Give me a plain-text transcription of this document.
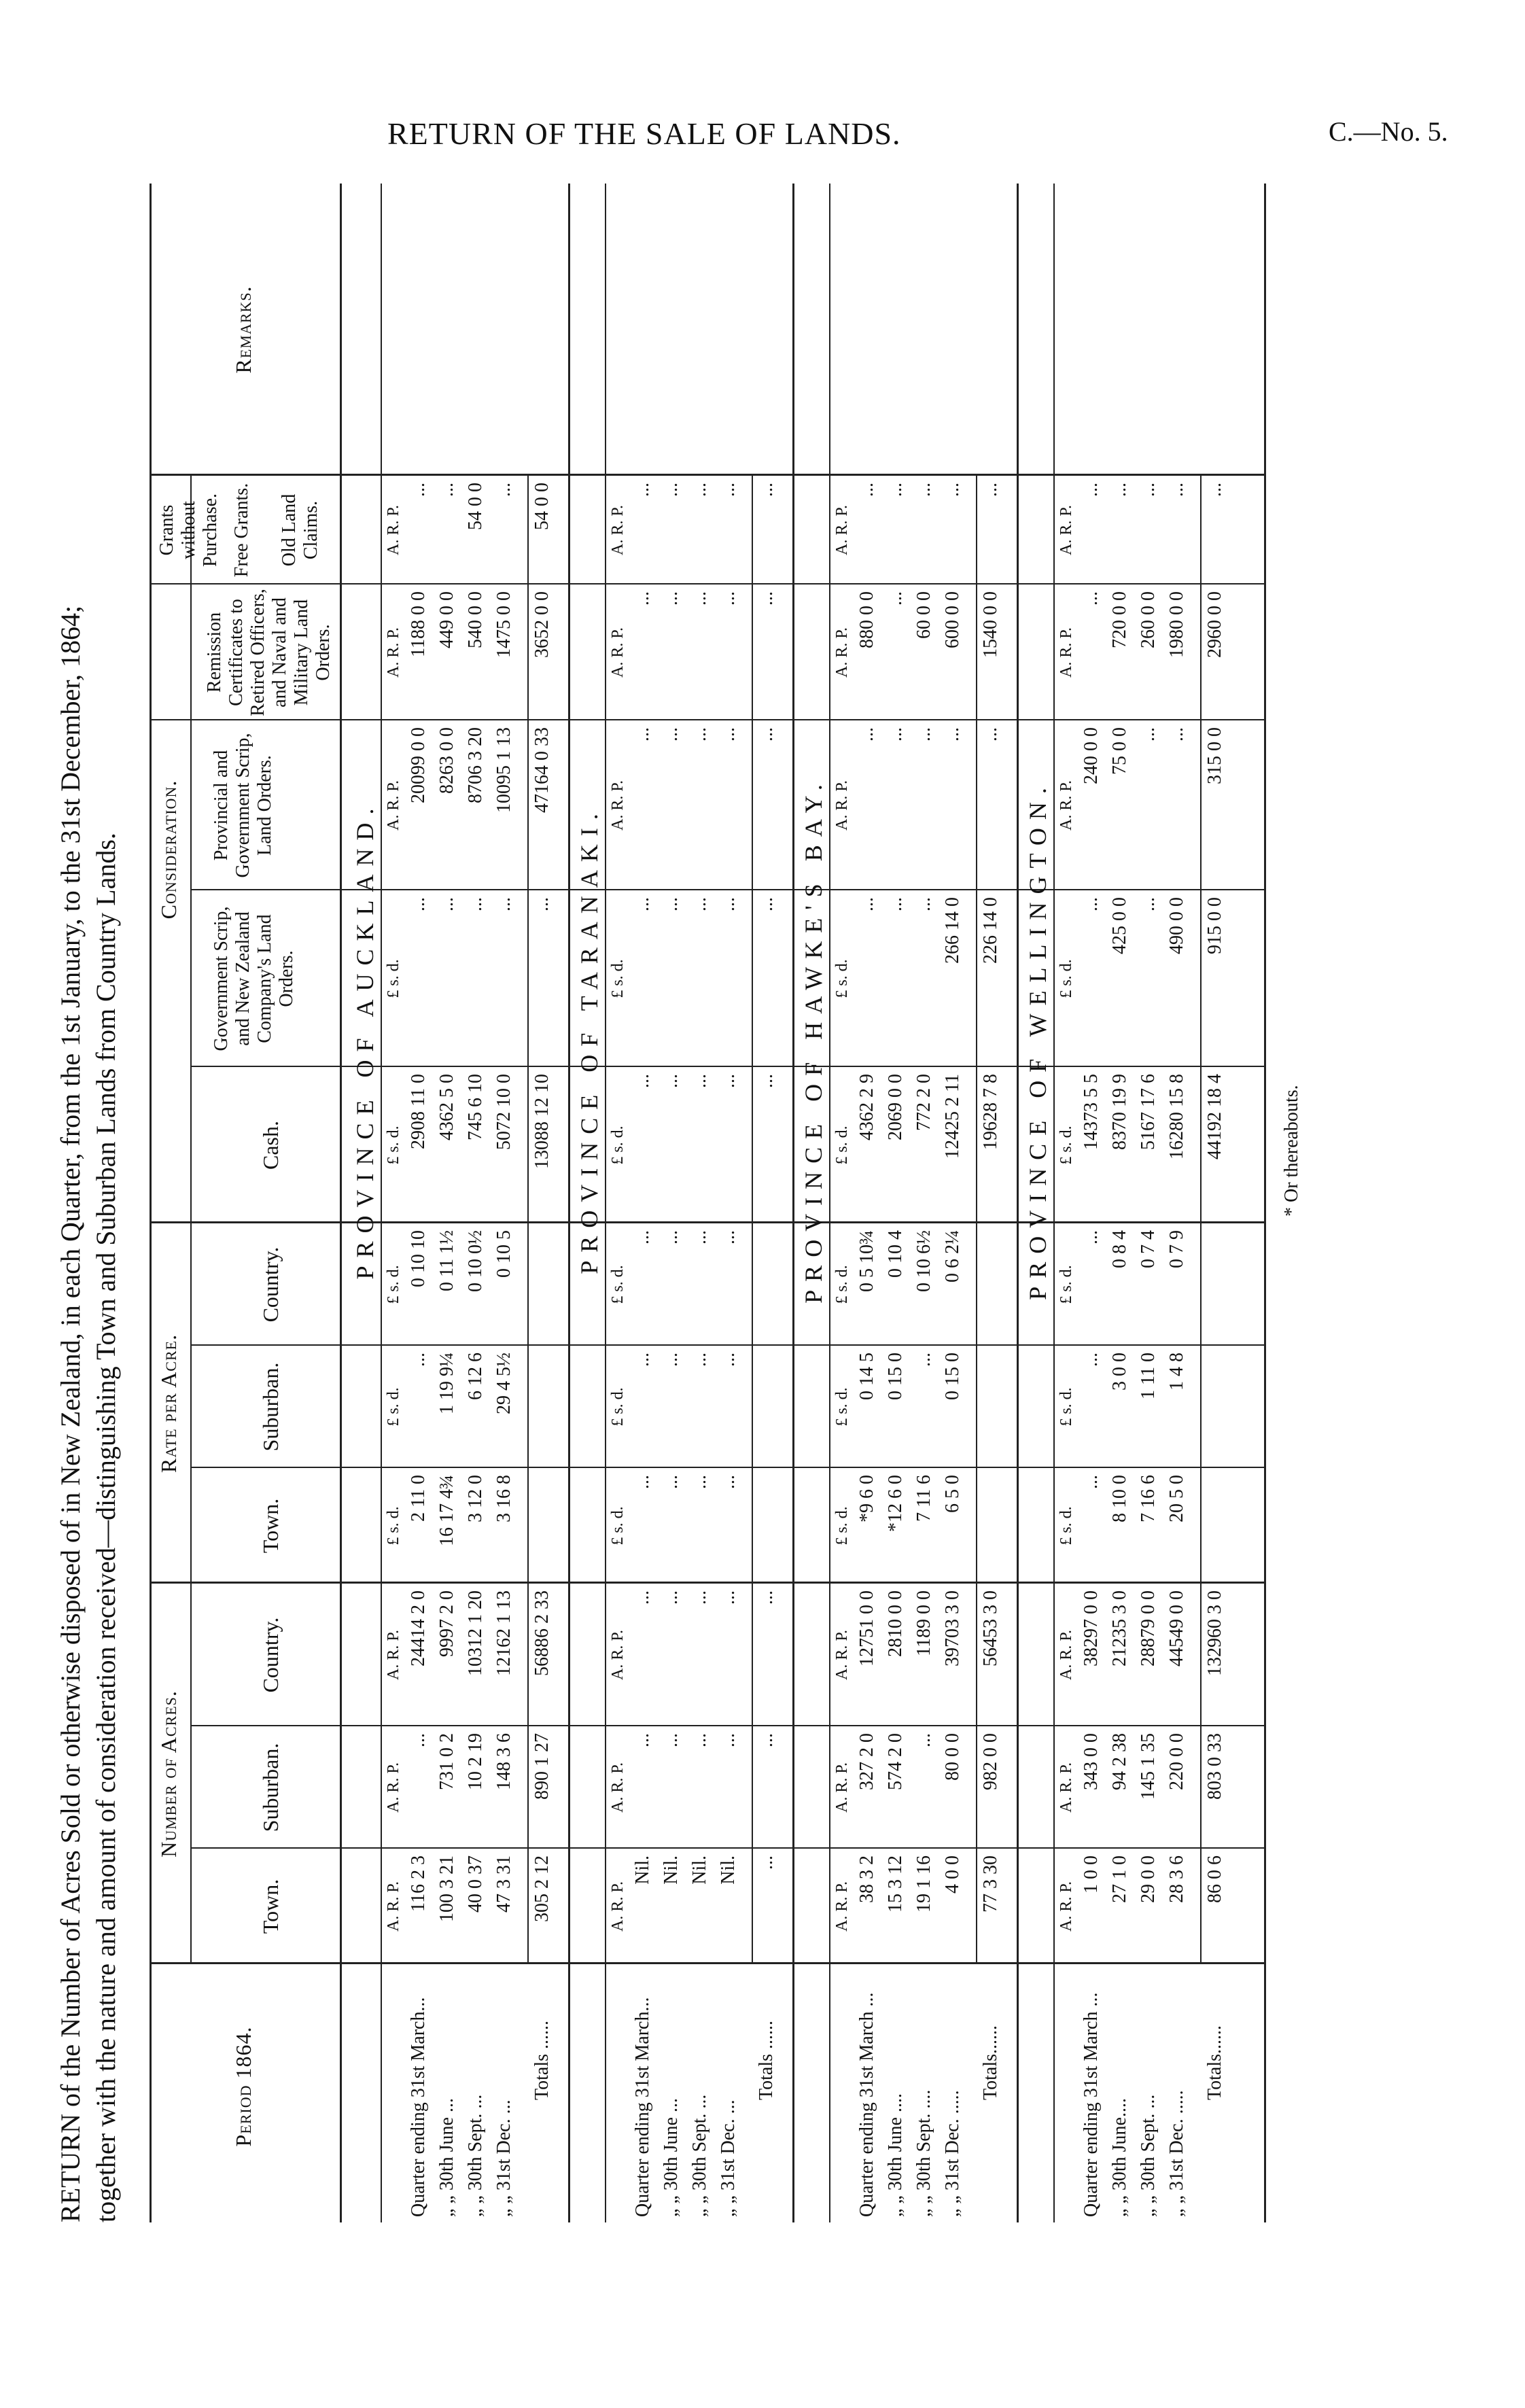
RETURN OF THE SALE OF LANDS.	C.—No. 5.
RETURN of the Number of Acres Sold or otherwise disposed of in New Zealand, in each Quarter, from the 1st January, to the 31st December, 1864; together with the nature and amount of consideration received—distinguishing Town and Suburban Lands from Country Lands.	Period 1864.
Number of Acres.
Town.
Suburban.
Country.
Rate per Acre.
Town.
Suburban.
Country.
Consideration.
Cash.
Government Scrip, and New Zealand Company's Land Orders.
Provincial and Government Scrip, Land Orders.
Remission Certificates to Retired Officers, and Naval and Military Land Orders.
Grants without Purchase. Free Grants. Old Land Claims.
Remarks.
PROVINCE OF AUCKLAND.
A. R. P.
A. R. P.
A. R. P.
£ s. d.
£ s. d.
£ s. d.
£ s. d.
£ s. d.
A. R. P.
A. R. P.
A. R. P.
Quarter ending 31st March...
116 2 3
...
24414 2 0
2 11 0
...
0 10 10
2908 11 0
...
20099 0 0
1188 0 0
...
„ „ 30th June ...
100 3 21
731 0 2
9997 2 0
16 17 4¾
1 19 9¼
0 11 1½
4362 5 0
...
8263 0 0
449 0 0
...
„ „ 30th Sept. ...
40 0 37
10 2 19
10312 1 20
3 12 0
6 12 6
0 10 0½
745 6 10
...
8706 3 20
540 0 0
54 0 0
„ „ 31st Dec. ...
47 3 31
148 3 6
12162 1 13
3 16 8
29 4 5½
0 10 5
5072 10 0
...
10095 1 13
1475 0 0
...
Totals ......
305 2 12
890 1 27
56886 2 33
13088 12 10
...
47164 0 33
3652 0 0
54 0 0
PROVINCE OF TARANAKI.
A. R. P.
A. R. P.
A. R. P.
£ s. d.
£ s. d.
£ s. d.
£ s. d.
£ s. d.
A. R. P.
A. R. P.
A. R. P.
Quarter ending 31st March...
Nil.
...
...
...
...
...
...
...
...
...
...
„ „ 30th June ...
Nil.
...
...
...
...
...
...
...
...
...
...
„ „ 30th Sept. ...
Nil.
...
...
...
...
...
...
...
...
...
...
„ „ 31st Dec. ...
Nil.
...
...
...
...
...
...
...
...
...
...
Totals ......
...
...
...
...
...
...
...
...
PROVINCE OF HAWKE'S BAY.
A. R. P.
A. R. P.
A. R. P.
£ s. d.
£ s. d.
£ s. d.
£ s. d.
£ s. d.
A. R. P.
A. R. P.
A. R. P.
Quarter ending 31st March ...
38 3 2
327 2 0
12751 0 0
*9 6 0
0 14 5
0 5 10¾
4362 2 9
...
...
880 0 0
...
„ „ 30th June ....
15 3 12
574 2 0
2810 0 0
*12 6 0
0 15 0
0 10 4
2069 0 0
...
...
...
...
„ „ 30th Sept. ....
19 1 16
...
1189 0 0
7 11 6
...
0 10 6½
772 2 0
...
...
60 0 0
...
„ „ 31st Dec. .....
4 0 0
80 0 0
39703 3 0
6 5 0
0 15 0
0 6 2¼
12425 2 11
266 14 0
...
600 0 0
...
Totals......
77 3 30
982 0 0
56453 3 0
19628 7 8
226 14 0
...
1540 0 0
...
PROVINCE OF WELLINGTON.
A. R. P.
A. R. P.
A. R. P.
£ s. d.
£ s. d.
£ s. d.
£ s. d.
£ s. d.
A. R. P.
A. R. P.
A. R. P.
Quarter ending 31st March ...
1 0 0
343 0 0
38297 0 0
...
...
...
14373 5 5
...
240 0 0
...
...
„ „ 30th June....
27 1 0
94 2 38
21235 3 0
8 10 0
3 0 0
0 8 4
8370 19 9
425 0 0
75 0 0
720 0 0
...
„ „ 30th Sept. ...
29 0 0
145 1 35
28879 0 0
7 16 6
1 11 0
0 7 4
5167 17 6
...
...
260 0 0
...
„ „ 31st Dec. .....
28 3 6
220 0 0
44549 0 0
20 5 0
1 4 8
0 7 9
16280 15 8
490 0 0
...
1980 0 0
...
Totals......
86 0 6
803 0 33
132960 3 0
44192 18 4
915 0 0
315 0 0
2960 0 0
...
* Or thereabouts.
